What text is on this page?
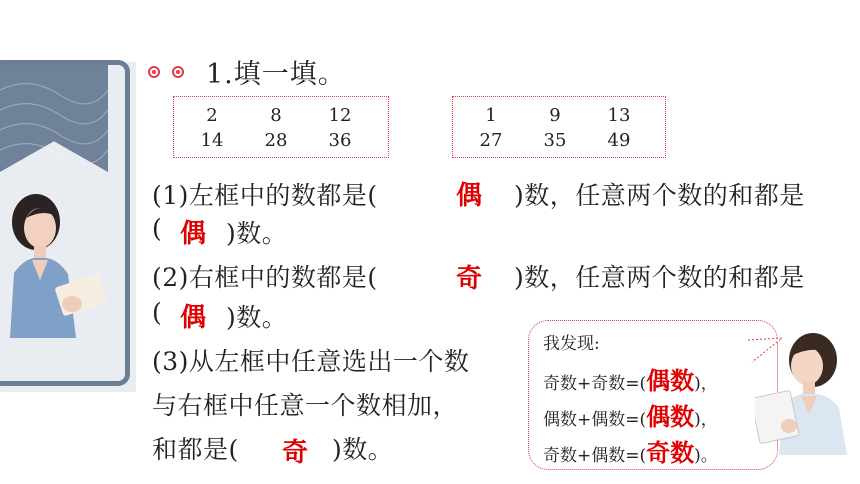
1.填一填。
2	8	12
14	28	36
1	9	13
27	35	49
(1)左框中的数都是(	偶 )数，任意两个数的和都是
( 偶 )数。
(2)右框中的数都是(	奇 )数，任意两个数的和都是
( 偶 )数。
(3)从左框中任意选出一个数
与右框中任意一个数相加，
和都是( 奇 )数。
我发现:
奇数+奇数=(偶数)，
偶数+偶数=(偶数)，
奇数+偶数=(奇数)。
